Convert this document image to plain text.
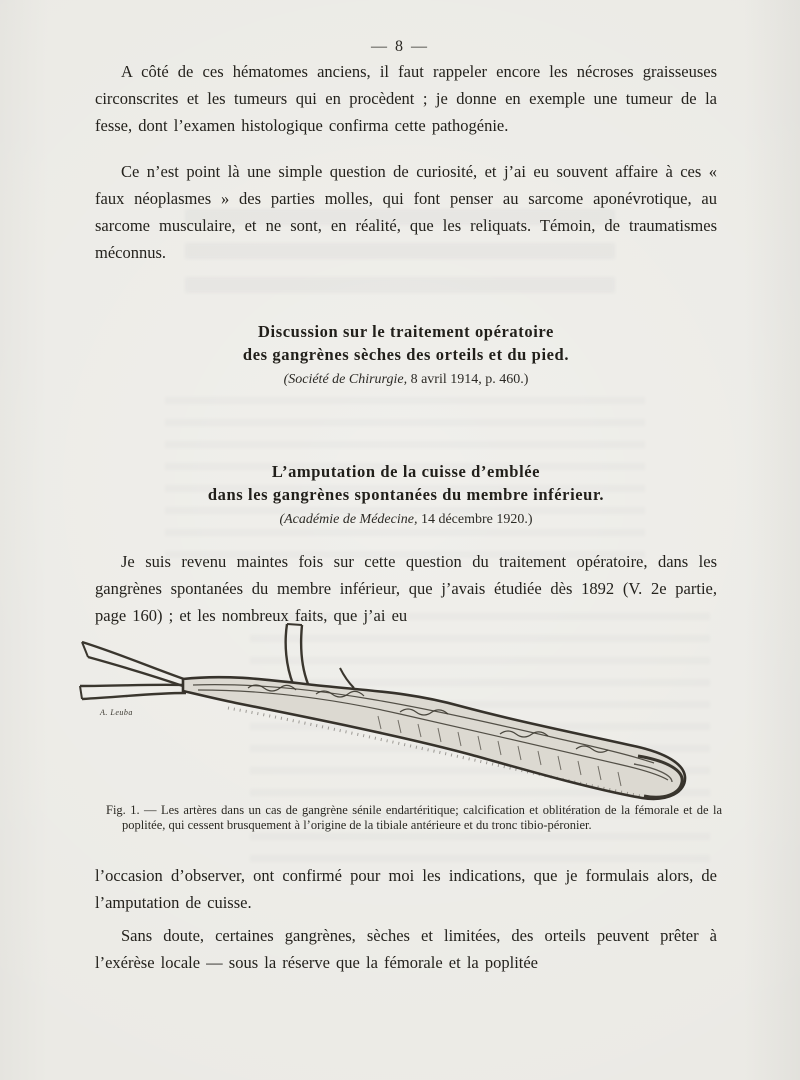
— 8 —

A côté de ces hématomes anciens, il faut rappeler encore les nécroses graisseuses circonscrites et les tumeurs qui en procèdent ; je donne en exemple une tumeur de la fesse, dont l’examen histologique confirma cette pathogénie.

Ce n’est point là une simple question de curiosité, et j’ai eu souvent affaire à ces « faux néoplasmes » des parties molles, qui font penser au sarcome aponévrotique, au sarcome musculaire, et ne sont, en réalité, que les reliquats. Témoin, de traumatismes méconnus.

Discussion sur le traitement opératoire
des gangrènes sèches des orteils et du pied.
(Société de Chirurgie, 8 avril 1914, p. 460.)
L’amputation de la cuisse d’emblée
dans les gangrènes spontanées du membre inférieur.
(Académie de Médecine, 14 décembre 1920.)

Je suis revenu maintes fois sur cette question du traitement opératoire, dans les gangrènes spontanées du membre inférieur, que j’avais étudiée dès 1892 (V. 2e partie, page 160) ; et les nombreux faits, que j’ai eu

A. Leuba

Fig. 1. — Les artères dans un cas de gangrène sénile endartéritique; calcification et oblitération de la fémorale et de la poplitée, qui cessent brusquement à l’origine de la tibiale antérieure et du tronc tibio-péronier.

l’occasion d’observer, ont confirmé pour moi les indications, que je formulais alors, de l’amputation de cuisse.

Sans doute, certaines gangrènes, sèches et limitées, des orteils peuvent prêter à l’exérèse locale — sous la réserve que la fémorale et la poplitée
